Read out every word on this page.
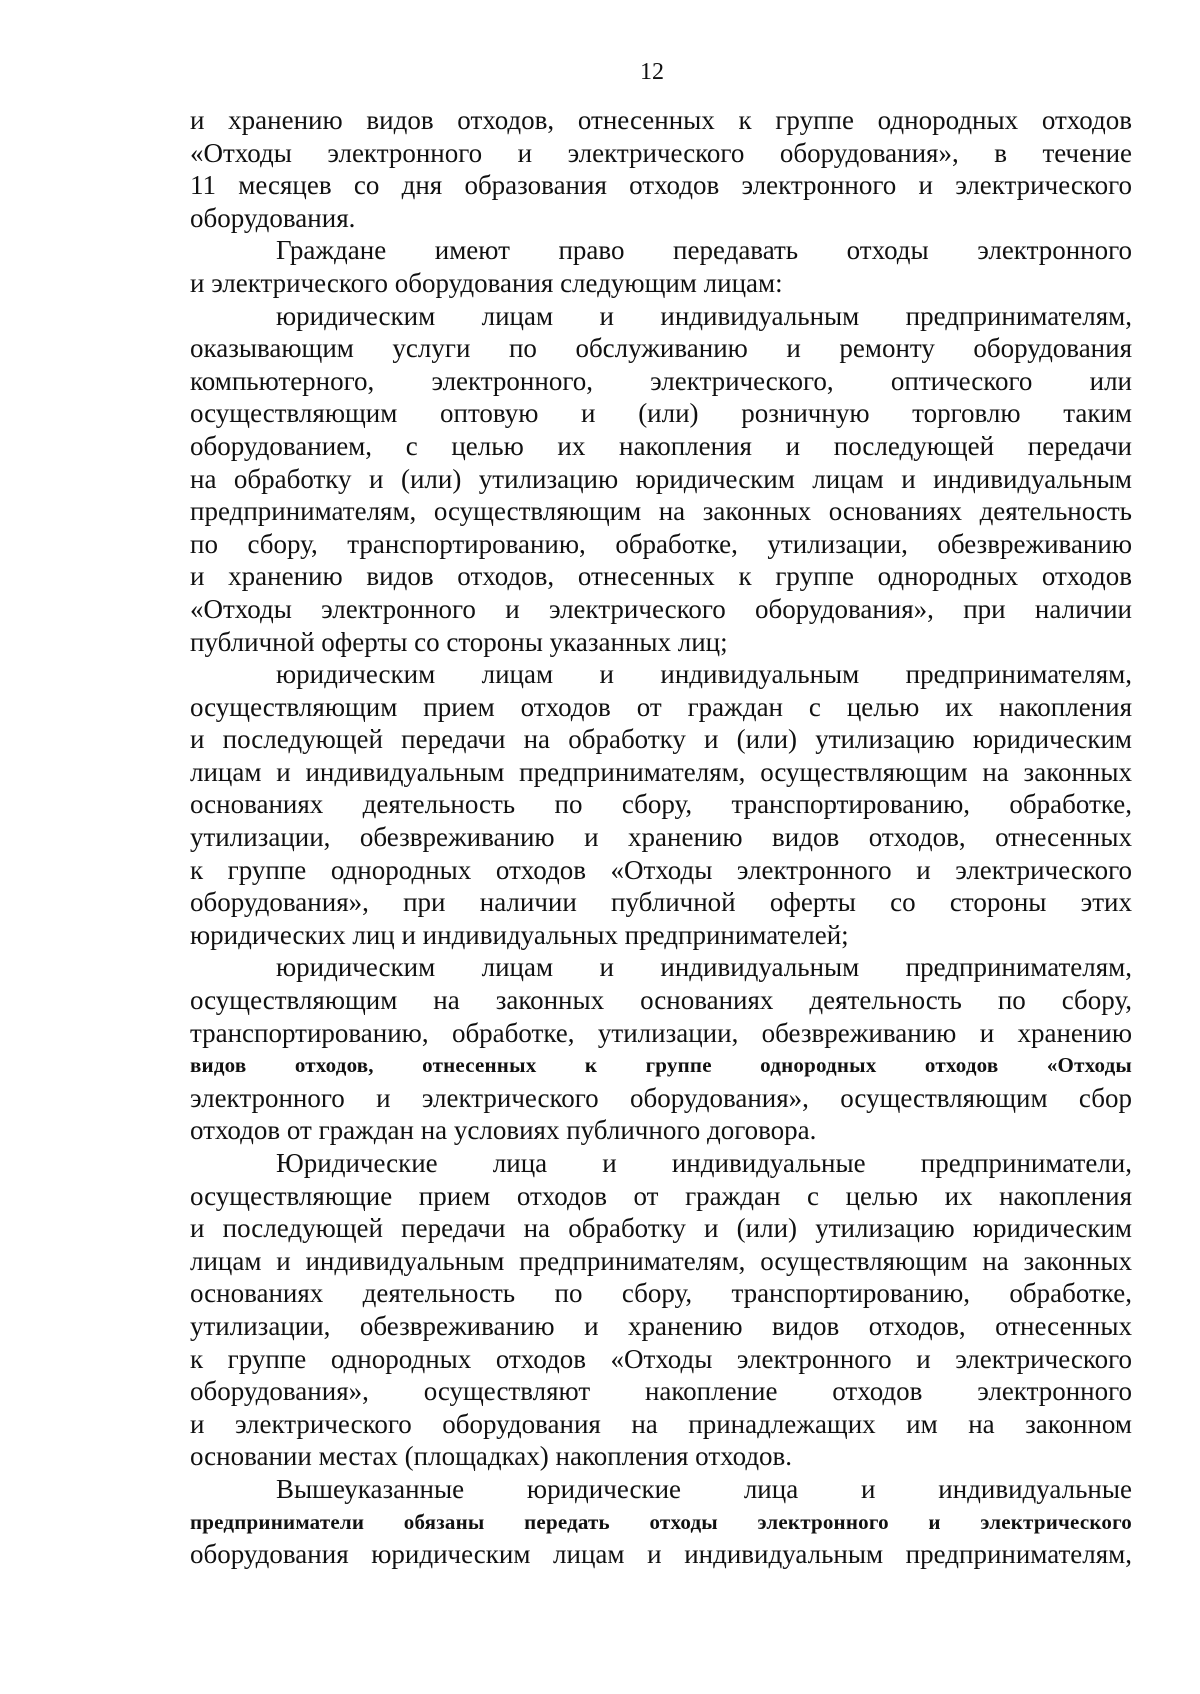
12
и хранению видов отходов, отнесенных к группе однородных отходов
«Отходы электронного и электрического оборудования», в течение
11 месяцев со дня образования отходов электронного и электрического
оборудования.
Граждане имеют право передавать отходы электронного
и электрического оборудования следующим лицам:
юридическим лицам и индивидуальным предпринимателям,
оказывающим услуги по обслуживанию и ремонту оборудования
компьютерного, электронного, электрического, оптического или
осуществляющим оптовую и (или) розничную торговлю таким
оборудованием, с целью их накопления и последующей передачи
на обработку и (или) утилизацию юридическим лицам и индивидуальным
предпринимателям, осуществляющим на законных основаниях деятельность
по сбору, транспортированию, обработке, утилизации, обезвреживанию
и хранению видов отходов, отнесенных к группе однородных отходов
«Отходы электронного и электрического оборудования», при наличии
публичной оферты со стороны указанных лиц;
юридическим лицам и индивидуальным предпринимателям,
осуществляющим прием отходов от граждан с целью их накопления
и последующей передачи на обработку и (или) утилизацию юридическим
лицам и индивидуальным предпринимателям, осуществляющим на законных
основаниях деятельность по сбору, транспортированию, обработке,
утилизации, обезвреживанию и хранению видов отходов, отнесенных
к группе однородных отходов «Отходы электронного и электрического
оборудования», при наличии публичной оферты со стороны этих
юридических лиц и индивидуальных предпринимателей;
юридическим лицам и индивидуальным предпринимателям,
осуществляющим на законных основаниях деятельность по сбору,
транспортированию, обработке, утилизации, обезвреживанию и хранению
видов отходов, отнесенных к группе однородных отходов «Отходы
электронного и электрического оборудования», осуществляющим сбор
отходов от граждан на условиях публичного договора.
Юридические лица и индивидуальные предприниматели,
осуществляющие прием отходов от граждан с целью их накопления
и последующей передачи на обработку и (или) утилизацию юридическим
лицам и индивидуальным предпринимателям, осуществляющим на законных
основаниях деятельность по сбору, транспортированию, обработке,
утилизации, обезвреживанию и хранению видов отходов, отнесенных
к группе однородных отходов «Отходы электронного и электрического
оборудования», осуществляют накопление отходов электронного
и электрического оборудования на принадлежащих им на законном
основании местах (площадках) накопления отходов.
Вышеуказанные юридические лица и индивидуальные
предприниматели обязаны передать отходы электронного и электрического
оборудования юридическим лицам и индивидуальным предпринимателям,
